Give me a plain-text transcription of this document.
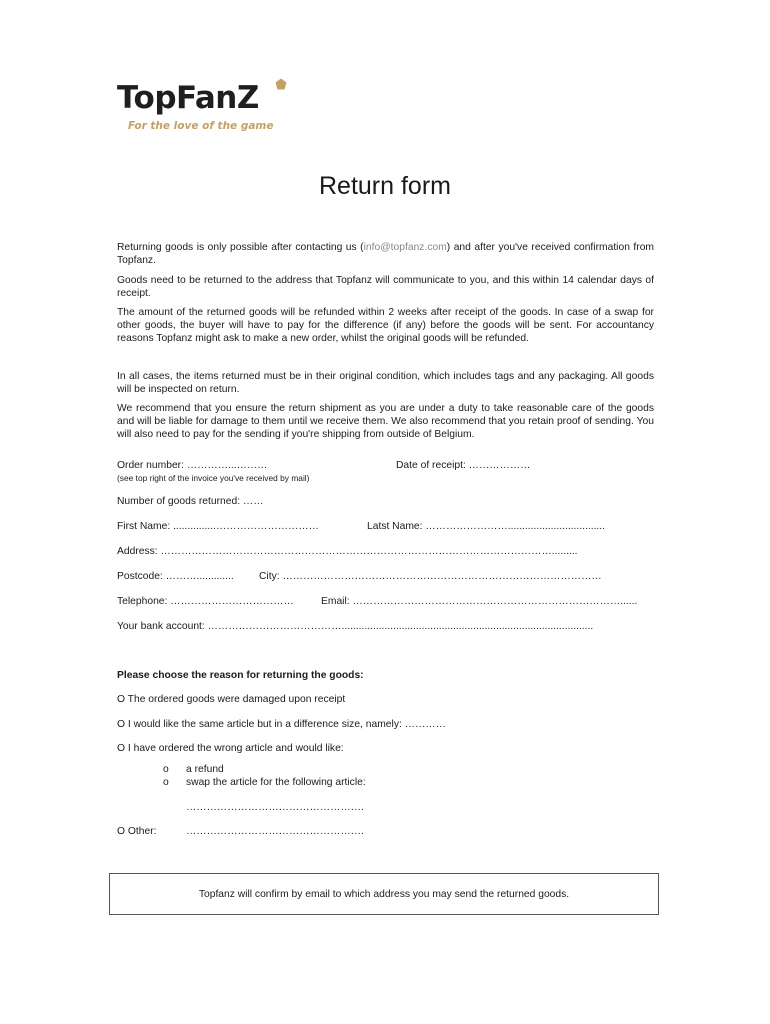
TopFanZ
For the love of the game
Return form

Returning goods is only possible after contacting us (info@topfanz.com) and after you've received confirmation from Topfanz.

Goods need to be returned to the address that Topfanz will communicate to you, and this within 14 calendar days of receipt.

The amount of the returned goods will be refunded within 2 weeks after receipt of the goods. In case of a swap for other goods, the buyer will have to pay for the difference (if any) before the goods will be sent. For accountancy reasons Topfanz might ask to make a new order, whilst the original goods will be refunded.

In all cases, the items returned must be in their original condition, which includes tags and any packaging. All goods will be inspected on return.

We recommend that you ensure the return shipment as you are under a duty to take reasonable care of the goods and will be liable for damage to them until we receive them. We also recommend that you retain proof of sending. You will also need to pay for the sending if you're shipping from outside of Belgium.

Order number: …………...………	Date of receipt: ………………
(see top right of the invoice you've received by mail)
Number of goods returned: ……
First Name: ...............…………………………	Latst Name: ……………………..................................
Address: …………………………………………………………………………………………………….........
Postcode: ………............. City: …………………………………………………………………………………
Telephone: ………………………………	Email: ……………………………………………………………………......
Your bank account: …………………………………........................................................................................
Please choose the reason for returning the goods:
O The ordered goods were damaged upon receipt
O I would like the same article but in a difference size, namely: …………
O I have ordered the wrong article and would like:
o a refund
o swap the article for the following article:
…………………………………………….
O Other:	…………………………………………….
Topfanz will confirm by email to which address you may send the returned goods.
